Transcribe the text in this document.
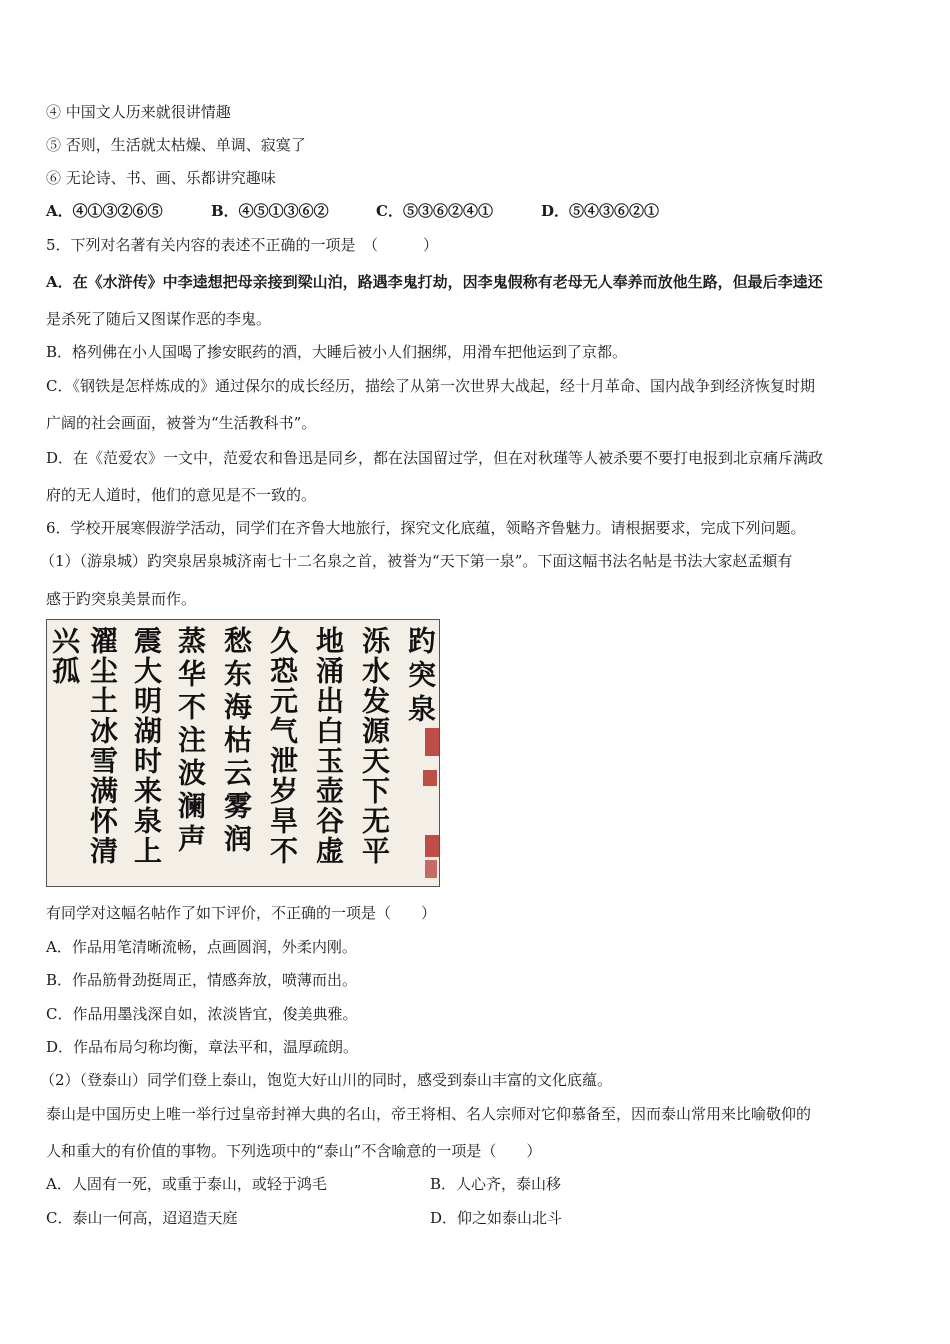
④ 中国文人历来就很讲情趣
⑤ 否则，生活就太枯燥、单调、寂寞了
⑥ 无论诗、书、画、乐都讲究趣味
A．④①③②⑥⑤	B．④⑤①③⑥②	C．⑤③⑥②④①	D．⑤④③⑥②①
5．下列对名著有关内容的表述不正确的一项是　（　　　）
A．在《水浒传》中李逵想把母亲接到梁山泊，路遇李鬼打劫，因李鬼假称有老母无人奉养而放他生路，但最后李逵还
是杀死了随后又图谋作恶的李鬼。
B．格列佛在小人国喝了掺安眠药的酒，大睡后被小人们捆绑，用滑车把他运到了京都。
C．《钢铁是怎样炼成的》通过保尔的成长经历，描绘了从第一次世界大战起，经十月革命、国内战争到经济恢复时期
广阔的社会画面，被誉为“生活教科书”。
D．在《范爱农》一文中，范爱农和鲁迅是同乡，都在法国留过学，但在对秋瑾等人被杀要不要打电报到北京痛斥满政
府的无人道时，他们的意见是不一致的。
6．学校开展寒假游学活动，同学们在齐鲁大地旅行，探究文化底蕴，领略齐鲁魅力。请根据要求，完成下列问题。
（1）（游泉城）趵突泉居泉城济南七十二名泉之首，被誉为“天下第一泉”。下面这幅书法名帖是书法大家赵孟頫有
感于趵突泉美景而作。
趵突泉
泺水发源天下无平
地涌出白玉壶谷虚
久恐元气泄岁旱不
愁东海枯云雾润
蒸华不注波澜声
震大明湖时来泉上
濯尘土冰雪满怀清
兴孤
有同学对这幅名帖作了如下评价，不正确的一项是（　　）
A．作品用笔清晰流畅，点画圆润，外柔内刚。
B．作品筋骨劲挺周正，情感奔放，喷薄而出。
C．作品用墨浅深自如，浓淡皆宜，俊美典雅。
D．作品布局匀称均衡，章法平和，温厚疏朗。
（2）（登泰山）同学们登上泰山，饱览大好山川的同时，感受到泰山丰富的文化底蕴。
泰山是中国历史上唯一举行过皇帝封禅大典的名山，帝王将相、名人宗师对它仰慕备至，因而泰山常用来比喻敬仰的
人和重大的有价值的事物。下列选项中的“泰山”不含喻意的一项是（　　）
A．人固有一死，或重于泰山，或轻于鸿毛	B．人心齐，泰山移
C．泰山一何高，迢迢造天庭	D．仰之如泰山北斗
